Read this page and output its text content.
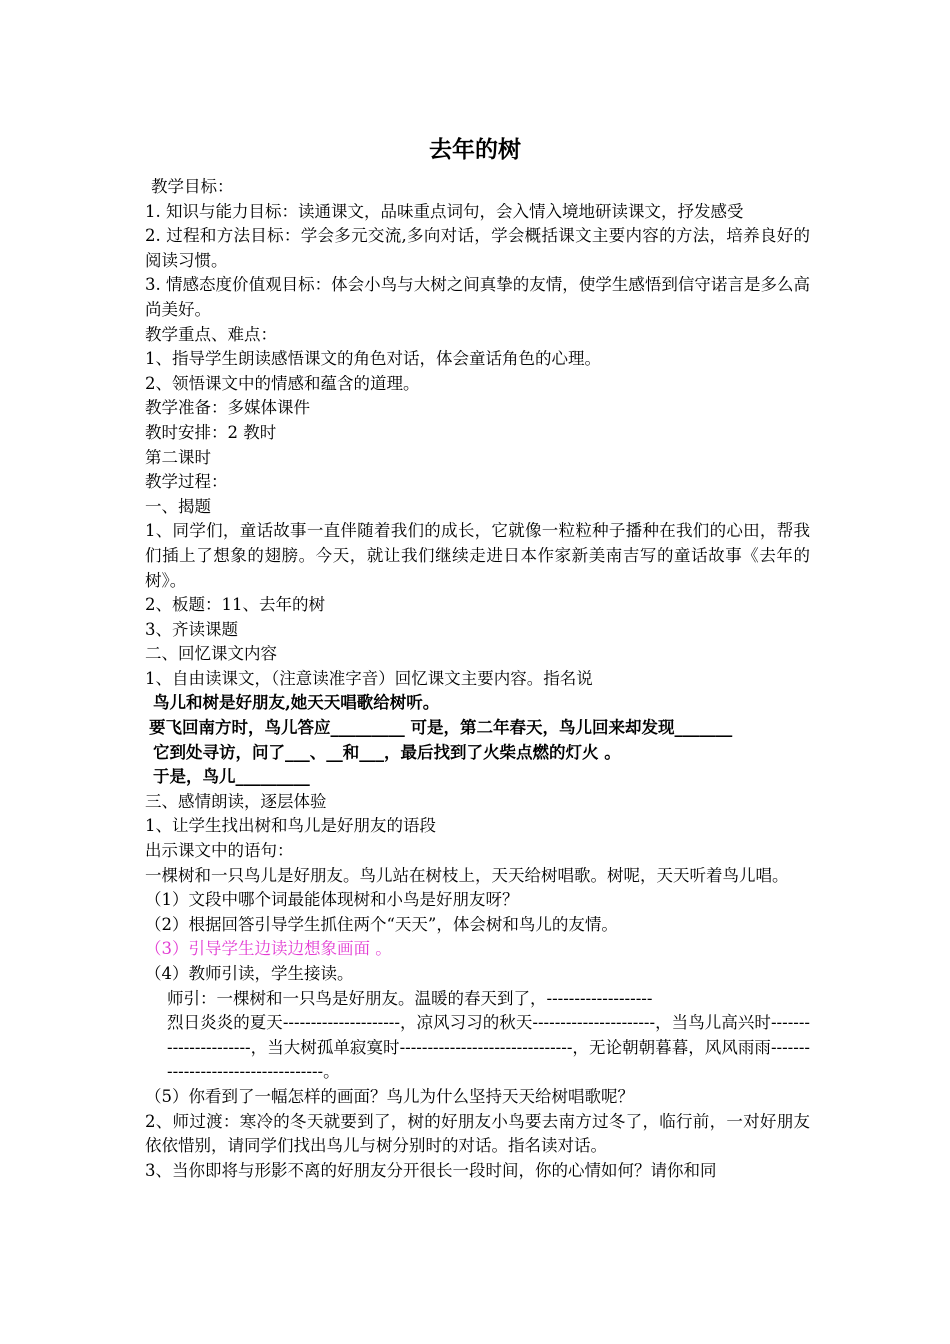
去年的树
教学目标：
1. 知识与能力目标：读通课文，品味重点词句，会入情入境地研读课文，抒发感受
2. 过程和方法目标：学会多元交流,多向对话，学会概括课文主要内容的方法，培养良好的阅读习惯。
3. 情感态度价值观目标：体会小鸟与大树之间真挚的友情，使学生感悟到信守诺言是多么高尚美好。
教学重点、难点：
1、指导学生朗读感悟课文的角色对话，体会童话角色的心理。
2、领悟课文中的情感和蕴含的道理。
教学准备：多媒体课件
教时安排：2 教时
第二课时
教学过程：
一、揭题
1、同学们，童话故事一直伴随着我们的成长，它就像一粒粒种子播种在我们的心田，帮我们插上了想象的翅膀。今天，就让我们继续走进日本作家新美南吉写的童话故事《去年的树》。
2、板题：11、去年的树
3、齐读课题
二、回忆课文内容
1、自由读课文，（注意读准字音）回忆课文主要内容。指名说
鸟儿和树是好朋友,她天天唱歌给树听。
要飞回南方时，鸟儿答应_________ 可是，第二年春天，鸟儿回来却发现_______
它到处寻访，问了___、__和___，最后找到了火柴点燃的灯火 。
于是，鸟儿_________
三、感情朗读，逐层体验
1、让学生找出树和鸟儿是好朋友的语段
出示课文中的语句：
一棵树和一只鸟儿是好朋友。鸟儿站在树枝上，天天给树唱歌。树呢，天天听着鸟儿唱。
（1）文段中哪个词最能体现树和小鸟是好朋友呀？
（2）根据回答引导学生抓住两个“天天”，体会树和鸟儿的友情。
（3）引导学生边读边想象画面 。
（4）教师引读，学生接读。
师引：一棵树和一只鸟是好朋友。温暖的春天到了，-------------------
烈日炎炎的夏天---------------------，凉风习习的秋天----------------------，当鸟儿高兴时----------------------，当大树孤单寂寞时-------------------------------，无论朝朝暮暮，风风雨雨-----------------------------------。
（5）你看到了一幅怎样的画面？鸟儿为什么坚持天天给树唱歌呢？
2、师过渡：寒冷的冬天就要到了，树的好朋友小鸟要去南方过冬了，临行前，一对好朋友依依惜别，请同学们找出鸟儿与树分别时的对话。指名读对话。
3、当你即将与形影不离的好朋友分开很长一段时间，你的心情如何？请你和同
